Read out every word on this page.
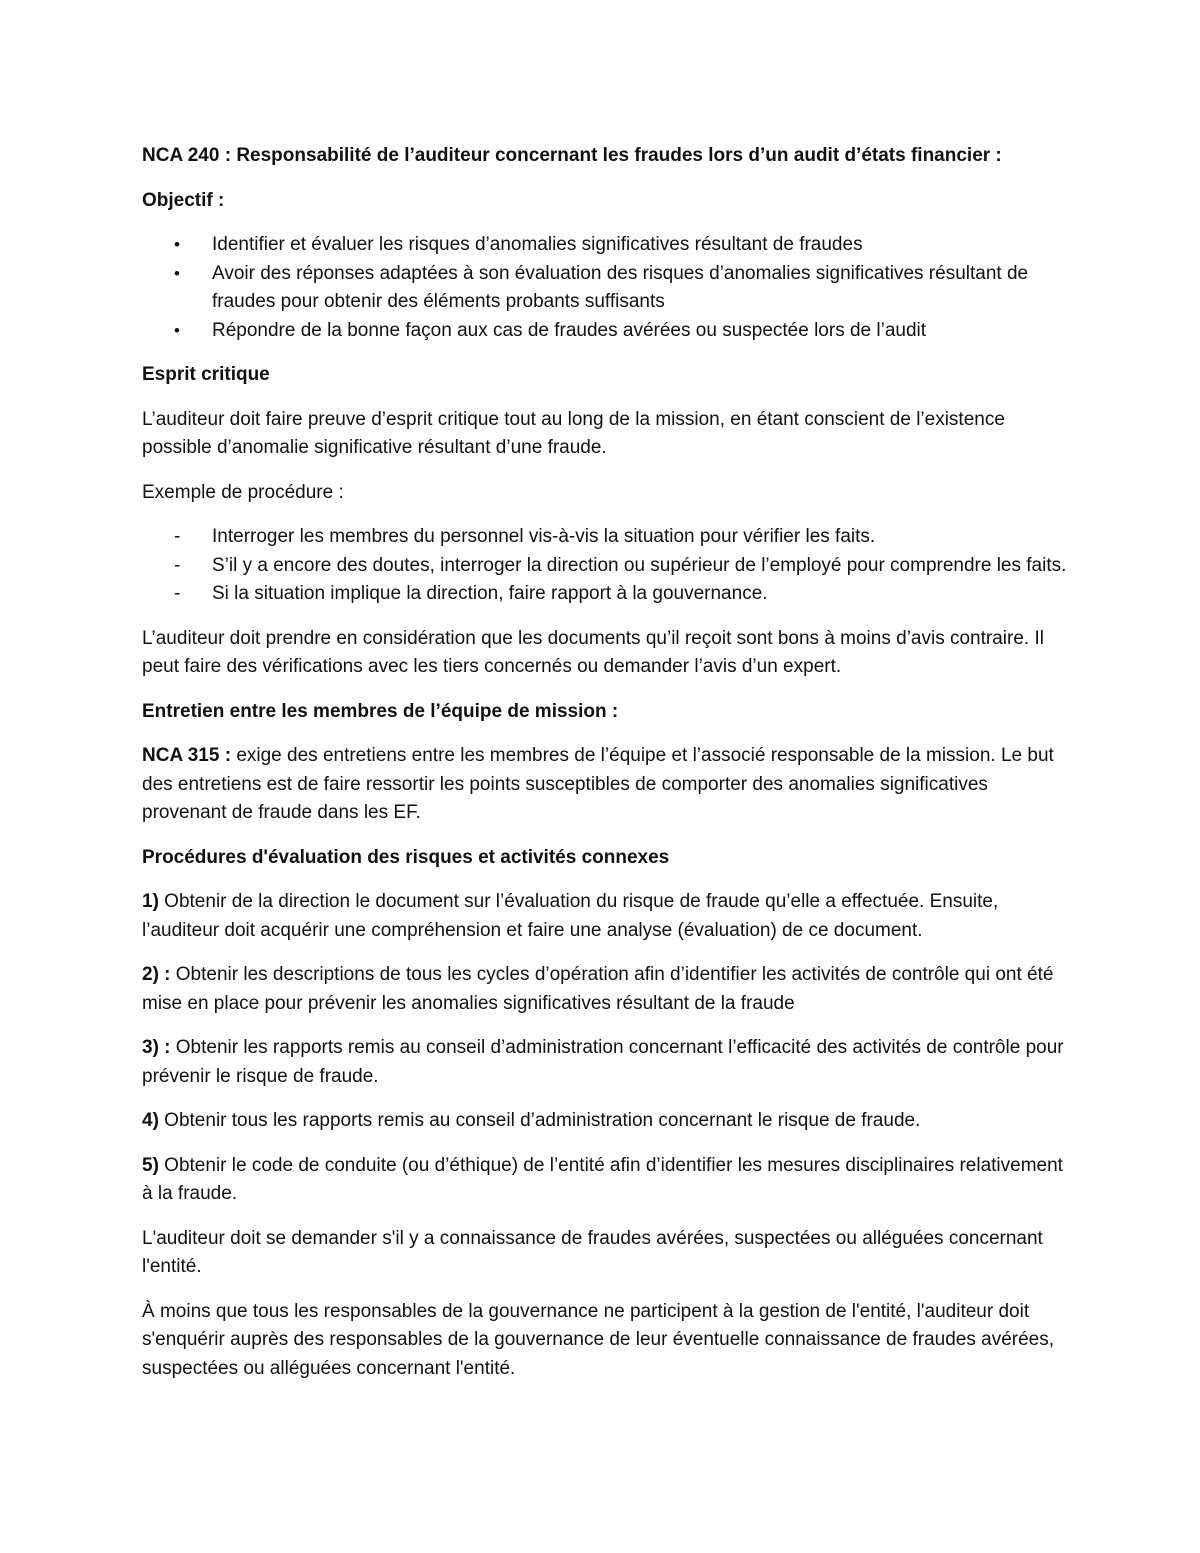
NCA 240 : Responsabilité de l’auditeur concernant les fraudes lors d’un audit d’états financier :

Objectif :

• Identifier et évaluer les risques d’anomalies significatives résultant de fraudes
• Avoir des réponses adaptées à son évaluation des risques d’anomalies significatives résultant de fraudes pour obtenir des éléments probants suffisants
• Répondre de la bonne façon aux cas de fraudes avérées ou suspectée lors de l’audit

Esprit critique

L’auditeur doit faire preuve d’esprit critique tout au long de la mission, en étant conscient de l’existence possible d’anomalie significative résultant d’une fraude.

Exemple de procédure :

- Interroger les membres du personnel vis-à-vis la situation pour vérifier les faits.
- S’il y a encore des doutes, interroger la direction ou supérieur de l’employé pour comprendre les faits.
- Si la situation implique la direction, faire rapport à la gouvernance.

L’auditeur doit prendre en considération que les documents qu’il reçoit sont bons à moins d’avis contraire. Il peut faire des vérifications avec les tiers concernés ou demander l’avis d’un expert.

Entretien entre les membres de l’équipe de mission :

NCA 315 : exige des entretiens entre les membres de l’équipe et l’associé responsable de la mission. Le but des entretiens est de faire ressortir les points susceptibles de comporter des anomalies significatives provenant de fraude dans les EF.

Procédures d'évaluation des risques et activités connexes

1) Obtenir de la direction le document sur l’évaluation du risque de fraude qu’elle a effectuée. Ensuite, l’auditeur doit acquérir une compréhension et faire une analyse (évaluation) de ce document.

2) : Obtenir les descriptions de tous les cycles d’opération afin d’identifier les activités de contrôle qui ont été mise en place pour prévenir les anomalies significatives résultant de la fraude

3) : Obtenir les rapports remis au conseil d’administration concernant l’efficacité des activités de contrôle pour prévenir le risque de fraude.

4) Obtenir tous les rapports remis au conseil d’administration concernant le risque de fraude.

5) Obtenir le code de conduite (ou d’éthique) de l’entité afin d’identifier les mesures disciplinaires relativement à la fraude.

L'auditeur doit se demander s'il y a connaissance de fraudes avérées, suspectées ou alléguées concernant l'entité.

À moins que tous les responsables de la gouvernance ne participent à la gestion de l'entité, l'auditeur doit s'enquérir auprès des responsables de la gouvernance de leur éventuelle connaissance de fraudes avérées, suspectées ou alléguées concernant l'entité.
